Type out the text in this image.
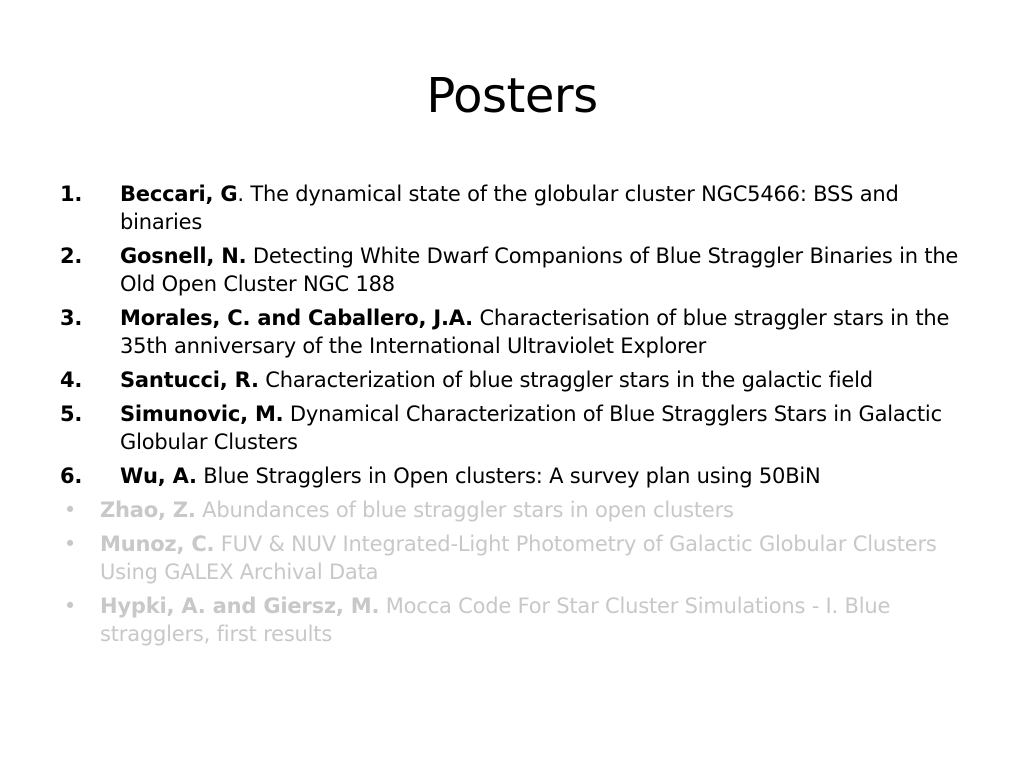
Posters
1. Beccari, G. The dynamical state of the globular cluster NGC5466: BSS and binaries
2. Gosnell, N. Detecting White Dwarf Companions of Blue Straggler Binaries in the Old Open Cluster NGC 188
3. Morales, C. and Caballero, J.A. Characterisation of blue straggler stars in the 35th anniversary of the International Ultraviolet Explorer
4. Santucci, R. Characterization of blue straggler stars in the galactic field
5. Simunovic, M. Dynamical Characterization of Blue Stragglers Stars in Galactic Globular Clusters
6. Wu, A. Blue Stragglers in Open clusters: A survey plan using 50BiN
• Zhao, Z. Abundances of blue straggler stars in open clusters
• Munoz, C. FUV & NUV Integrated-Light Photometry of Galactic Globular Clusters Using GALEX Archival Data
• Hypki, A. and Giersz, M. Mocca Code For Star Cluster Simulations - I. Blue stragglers, first results
